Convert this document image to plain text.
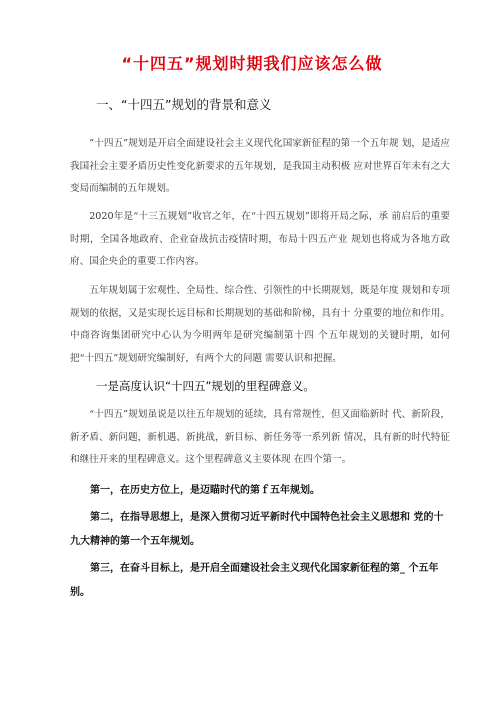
“十四五”规划时期我们应该怎么做
一、“十四五”规划的背景和意义

”十四五”规划是开启全面建设社会主义现代化国家新征程的第一个五年规 划，是适应我国社会主要矛盾历史性变化新要求的五年规划，是我国主动积极 应对世界百年未有之大变局而编制的五年规划。

2020年是“十三五规划”收官之年，在“十四五规划”即将开局之际，承 前启后的重要时期，全国各地政府、企业奋战抗击疫情时期，布局十四五产业 规划也将成为各地方政府、国企央企的重要工作内容。

五年规划属于宏观性、全局性、综合性、引领性的中长期规划，既是年度 规划和专项规划的依据，又是实现长远目标和长期规划的基础和阶梯，具有十 分重要的地位和作用。中商咨询集团研究中心认为今明两年是研究编制第十四 个五年规划的关键时期，如何把“十四五”规划研究编制好，有两个大的问题 需要认识和把握。

一是高度认识“十四五”规划的里程碑意义。

“十四五”规划虽说是以往五年规划的延续，具有常规性，但又面临新时 代、新阶段，新矛盾、新问题，新机遇、新挑战，新目标、新任务等一系列新 情况，具有新的时代特征和继往开来的里程碑意义。这个里程碑意义主要体现 在四个第一。

第一，在历史方位上，是迈瞄时代的第ｆ五年规划。

第二，在指导思想上，是深入贯彻习近平新时代中国特色社会主义思想和 党的十九大精神的第一个五年规划。

第三，在奋斗目标上，是开启全面建设社会主义现代化国家新征程的第_ 个五年别。
